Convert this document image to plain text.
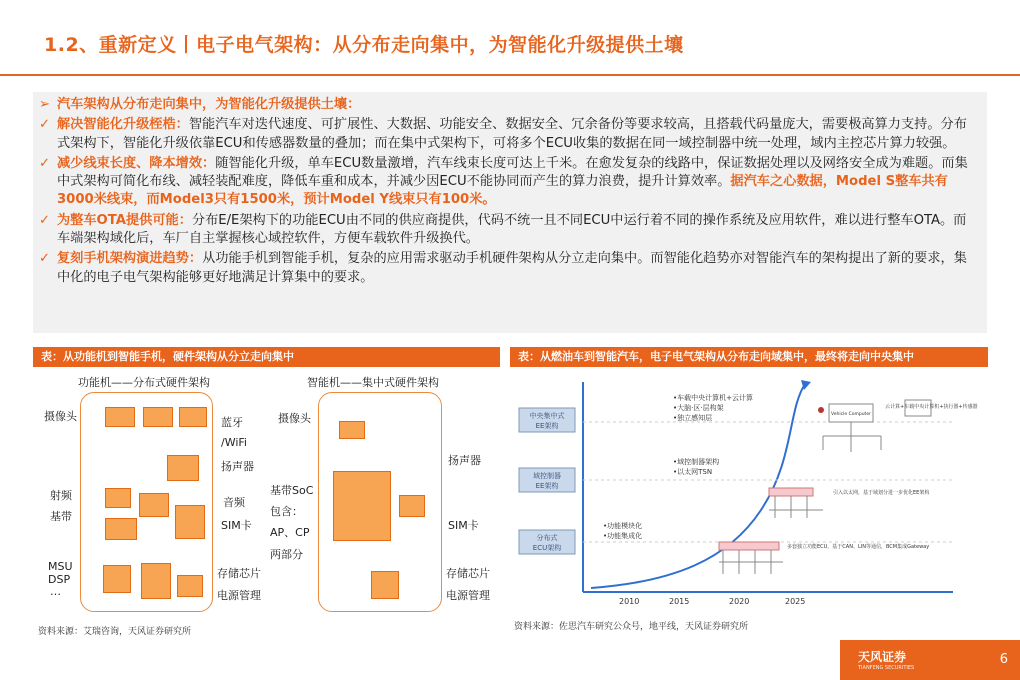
1.2、重新定义丨电子电气架构：从分布走向集中，为智能化升级提供土壤
➢ 汽车架构从分布走向集中，为智能化升级提供土壤：
✓ 解决智能化升级桎梏：智能汽车对迭代速度、可扩展性、大数据、功能安全、数据安全、冗余备份等要求较高，且搭载代码量庞大，需要极高算力支持。分布式架构下，智能化升级依靠ECU和传感器数量的叠加；而在集中式架构下，可将多个ECU收集的数据在同一域控制器中统一处理，域内主控芯片算力较强。
✓ 减少线束长度、降本增效：随智能化升级，单车ECU数量激增，汽车线束长度可达上千米。在愈发复杂的线路中，保证数据处理以及网络安全成为难题。而集中式架构可简化布线、减轻装配难度，降低车重和成本，并减少因ECU不能协同而产生的算力浪费，提升计算效率。据汽车之心数据，Model S整车共有3000米线束，而Model3只有1500米，预计Model Y线束只有100米。
✓ 为整车OTA提供可能：分布E/E架构下的功能ECU由不同的供应商提供，代码不统一且不同ECU中运行着不同的操作系统及应用软件，难以进行整车OTA。而车端架构域化后，车厂自主掌握核心域控软件，方便车载软件升级换代。
✓ 复刻手机架构演进趋势：从功能手机到智能手机，复杂的应用需求驱动手机硬件架构从分立走向集中。而智能化趋势亦对智能汽车的架构提出了新的要求，集中化的电子电气架构能够更好地满足计算集中的要求。
表：从功能机到智能手机，硬件架构从分立走向集中
功能机——分布式硬件架构	智能机——集中式硬件架构
摄像头
射频
基带
MSU
DSP
…
蓝牙
/WiFi
扬声器
音频
SIM卡
存储芯片
电源管理
摄像头
基带SoC
包含：
AP、CP
两部分
扬声器
SIM卡
存储芯片
电源管理
资料来源：艾瑞咨询，天风证券研究所
表：从燃油车到智能汽车，电子电气架构从分布走向域集中，最终将走向中央集中
中央集中式
EE架构
域控制器
EE架构
分布式
ECU架构
•车载中央计算机+云计算
•大脑·区·层构架
•独立感知层
•域控制器架构
•以太网TSN
•功能模块化
•功能集成化
Vehicle Computer
云计算+车载中央计算机+执行器+传感器
引入以太网，基于域划分进一步优化EE架构
多套独立功能ECU，基于CAN、LIN等通信，BCM集成Gateway
2010	2015	2020	2025
资料来源：佐思汽车研究公众号，地平线，天风证券研究所
天风证券
TIANFENG SECURITIES
6
